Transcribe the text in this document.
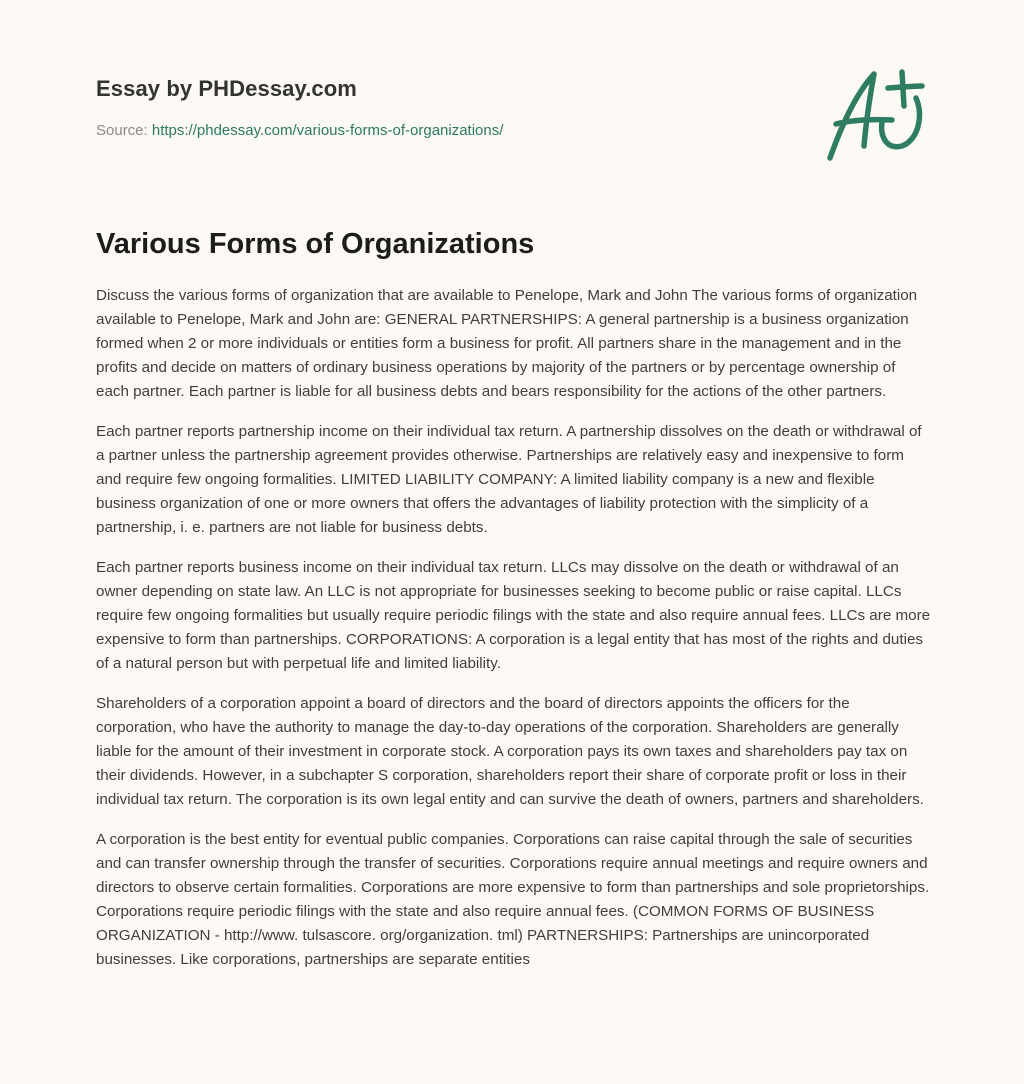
Essay by PHDessay.com
Source: https://phdessay.com/various-forms-of-organizations/
Various Forms of Organizations

Discuss the various forms of organization that are available to Penelope, Mark and John The various forms of organization available to Penelope, Mark and John are: GENERAL PARTNERSHIPS: A general partnership is a business organization formed when 2 or more individuals or entities form a business for profit. All partners share in the management and in the profits and decide on matters of ordinary business operations by majority of the partners or by percentage ownership of each partner. Each partner is liable for all business debts and bears responsibility for the actions of the other partners.

Each partner reports partnership income on their individual tax return. A partnership dissolves on the death or withdrawal of a partner unless the partnership agreement provides otherwise. Partnerships are relatively easy and inexpensive to form and require few ongoing formalities. LIMITED LIABILITY COMPANY: A limited liability company is a new and flexible business organization of one or more owners that offers the advantages of liability protection with the simplicity of a partnership, i. e. partners are not liable for business debts.

Each partner reports business income on their individual tax return. LLCs may dissolve on the death or withdrawal of an owner depending on state law. An LLC is not appropriate for businesses seeking to become public or raise capital. LLCs require few ongoing formalities but usually require periodic filings with the state and also require annual fees. LLCs are more expensive to form than partnerships. CORPORATIONS: A corporation is a legal entity that has most of the rights and duties of a natural person but with perpetual life and limited liability.

Shareholders of a corporation appoint a board of directors and the board of directors appoints the officers for the corporation, who have the authority to manage the day-to-day operations of the corporation. Shareholders are generally liable for the amount of their investment in corporate stock. A corporation pays its own taxes and shareholders pay tax on their dividends. However, in a subchapter S corporation, shareholders report their share of corporate profit or loss in their individual tax return. The corporation is its own legal entity and can survive the death of owners, partners and shareholders.

A corporation is the best entity for eventual public companies. Corporations can raise capital through the sale of securities and can transfer ownership through the transfer of securities. Corporations require annual meetings and require owners and directors to observe certain formalities. Corporations are more expensive to form than partnerships and sole proprietorships. Corporations require periodic filings with the state and also require annual fees. (COMMON FORMS OF BUSINESS ORGANIZATION - http://www. tulsascore. org/organization. tml) PARTNERSHIPS: Partnerships are unincorporated businesses. Like corporations, partnerships are separate entities
